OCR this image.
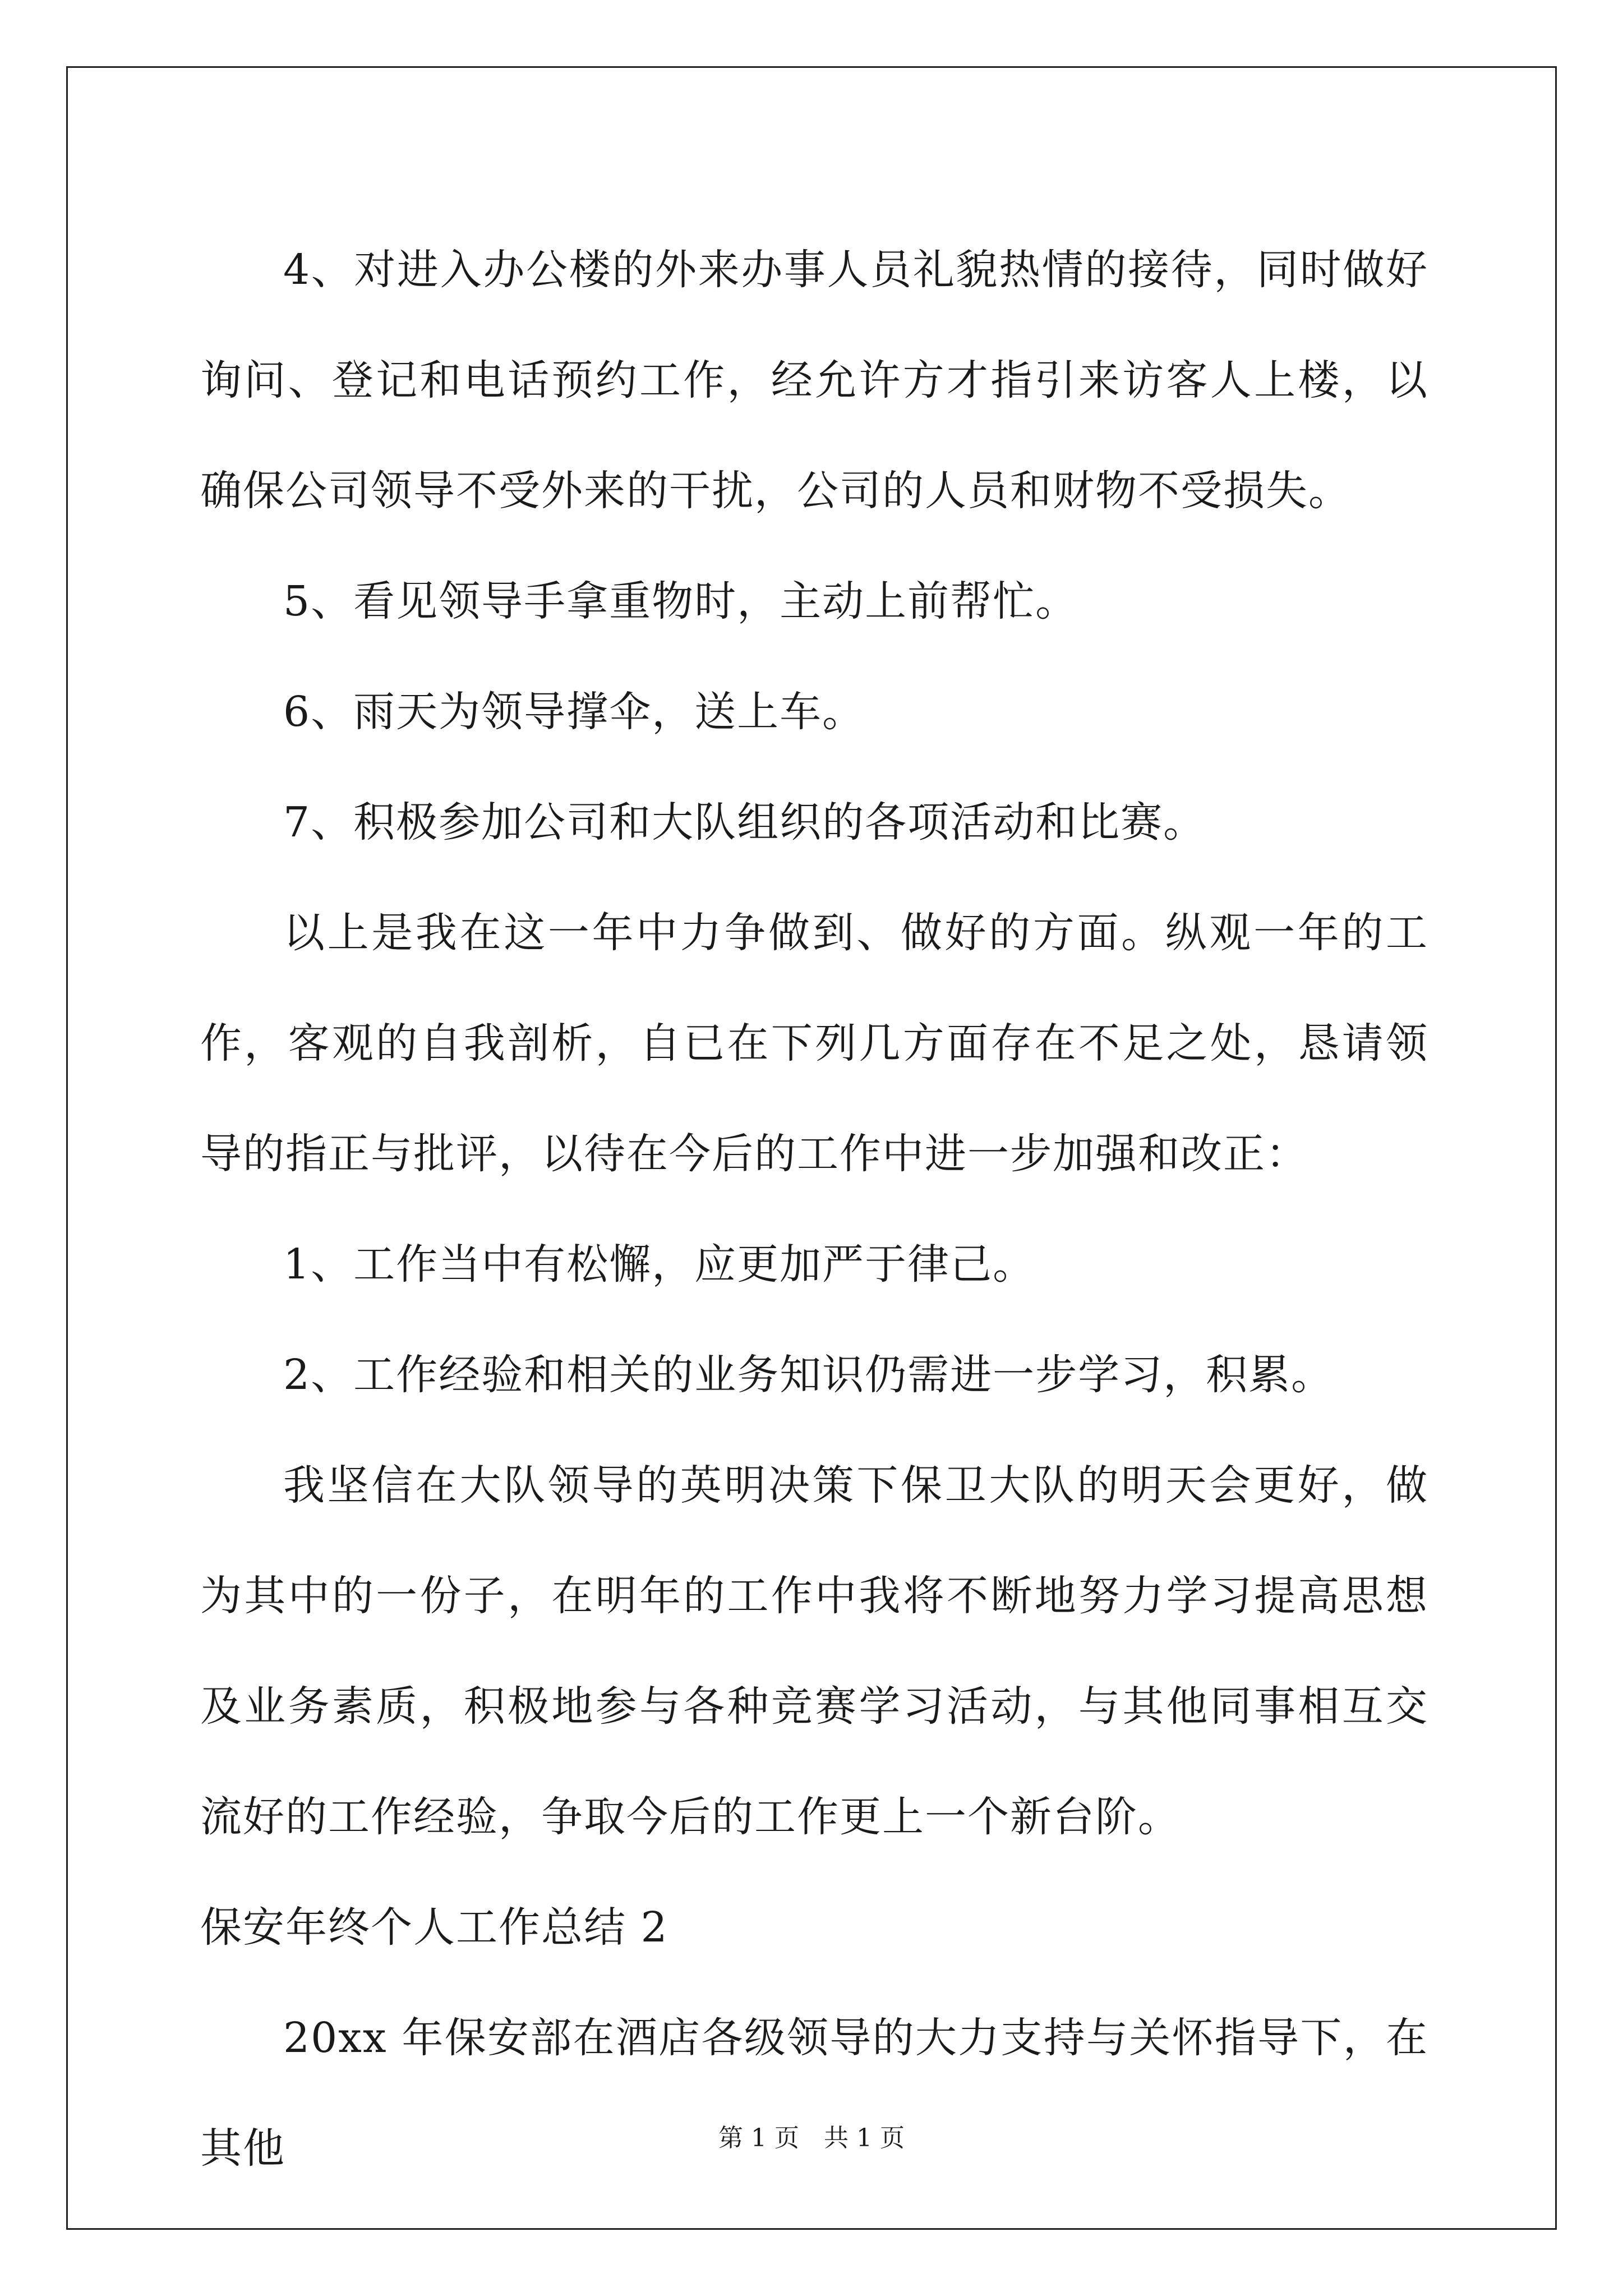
4、对进入办公楼的外来办事人员礼貌热情的接待，同时做好询问、登记和电话预约工作，经允许方才指引来访客人上楼，以确保公司领导不受外来的干扰，公司的人员和财物不受损失。

5、看见领导手拿重物时，主动上前帮忙。

6、雨天为领导撑伞，送上车。

7、积极参加公司和大队组织的各项活动和比赛。

以上是我在这一年中力争做到、做好的方面。纵观一年的工作，客观的自我剖析，自已在下列几方面存在不足之处，恳请领导的指正与批评，以待在今后的工作中进一步加强和改正：

1、工作当中有松懈，应更加严于律己。

2、工作经验和相关的业务知识仍需进一步学习，积累。

我坚信在大队领导的英明决策下保卫大队的明天会更好，做为其中的一份子，在明年的工作中我将不断地努力学习提高思想及业务素质，积极地参与各种竞赛学习活动，与其他同事相互交流好的工作经验，争取今后的工作更上一个新台阶。

保安年终个人工作总结 2

20xx 年保安部在酒店各级领导的大力支持与关怀指导下，在其他	第 1 页 共 1 页
